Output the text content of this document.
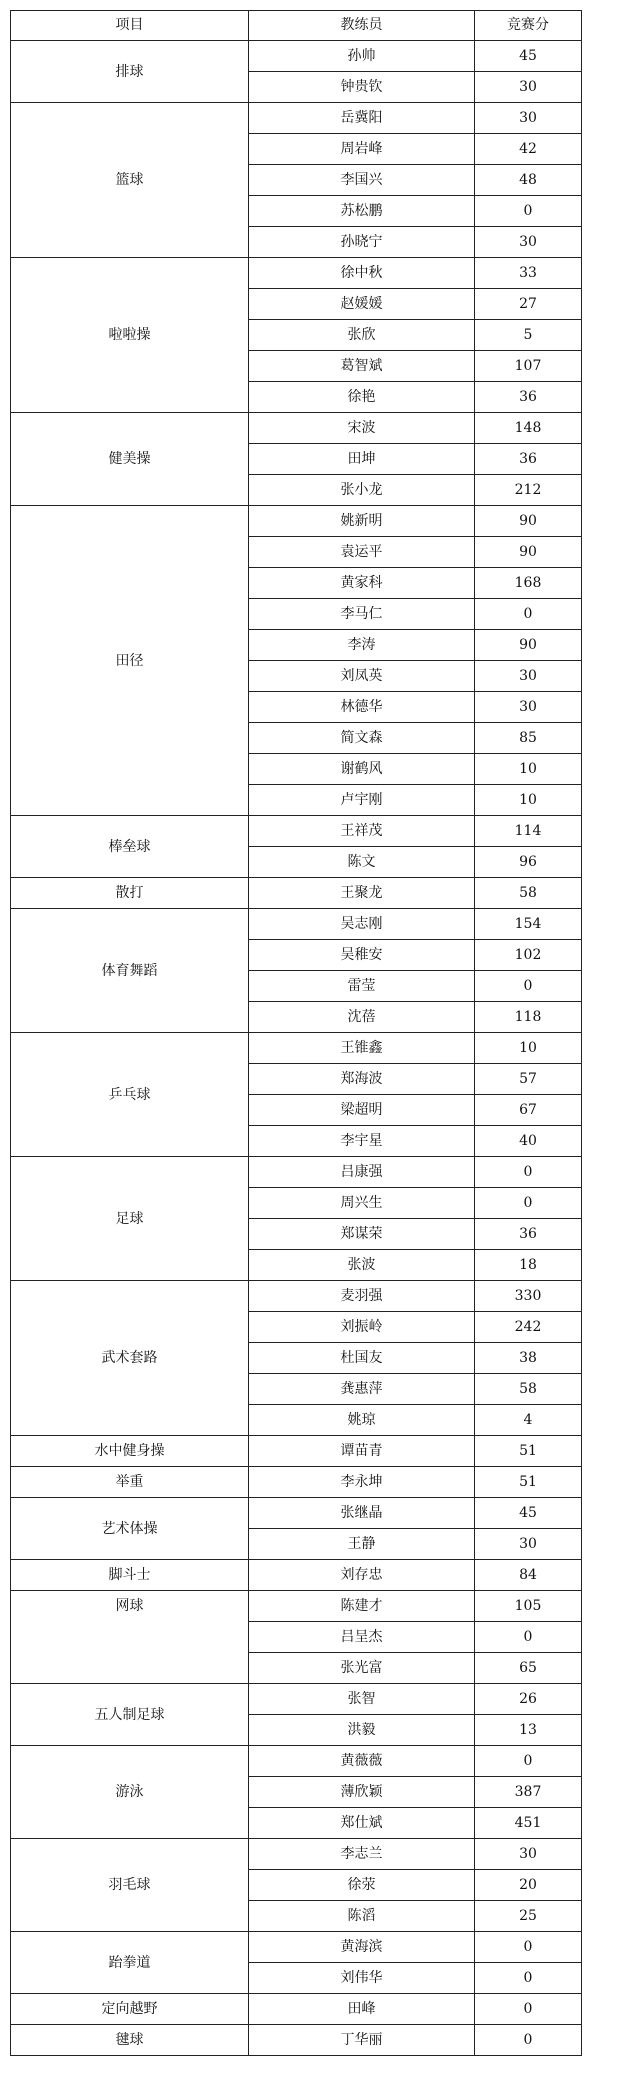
项目	教练员	竞赛分
排球	孙帅	45
	钟贵钦	30
篮球	岳冀阳	30
	周岩峰	42
	李国兴	48
	苏松鹏	0
	孙晓宁	30
啦啦操	徐中秋	33
	赵媛媛	27
	张欣	5
	葛智斌	107
	徐艳	36
健美操	宋波	148
	田坤	36
	张小龙	212
田径	姚新明	90
	袁运平	90
	黄家科	168
	李马仁	0
	李涛	90
	刘凤英	30
	林德华	30
	简文森	85
	谢鹤风	10
	卢宇刚	10
棒垒球	王祥茂	114
	陈文	96
散打	王聚龙	58
体育舞蹈	吴志刚	154
	吴稚安	102
	雷莹	0
	沈蓓	118
乒乓球	王锥鑫	10
	郑海波	57
	梁超明	67
	李宇星	40
足球	吕康强	0
	周兴生	0
	郑谋荣	36
	张波	18
武术套路	麦羽强	330
	刘振岭	242
	杜国友	38
	龚惠萍	58
	姚琼	4
水中健身操	谭苗青	51
举重	李永坤	51
艺术体操	张继晶	45
	王静	30
脚斗士	刘存忠	84
网球	陈建才	105
	吕呈杰	0
	张光富	65
五人制足球	张智	26
	洪毅	13
游泳	黄薇薇	0
	薄欣颖	387
	郑仕斌	451
羽毛球	李志兰	30
	徐荥	20
	陈滔	25
跆拳道	黄海滨	0
	刘伟华	0
定向越野	田峰	0
毽球	丁华丽	0
